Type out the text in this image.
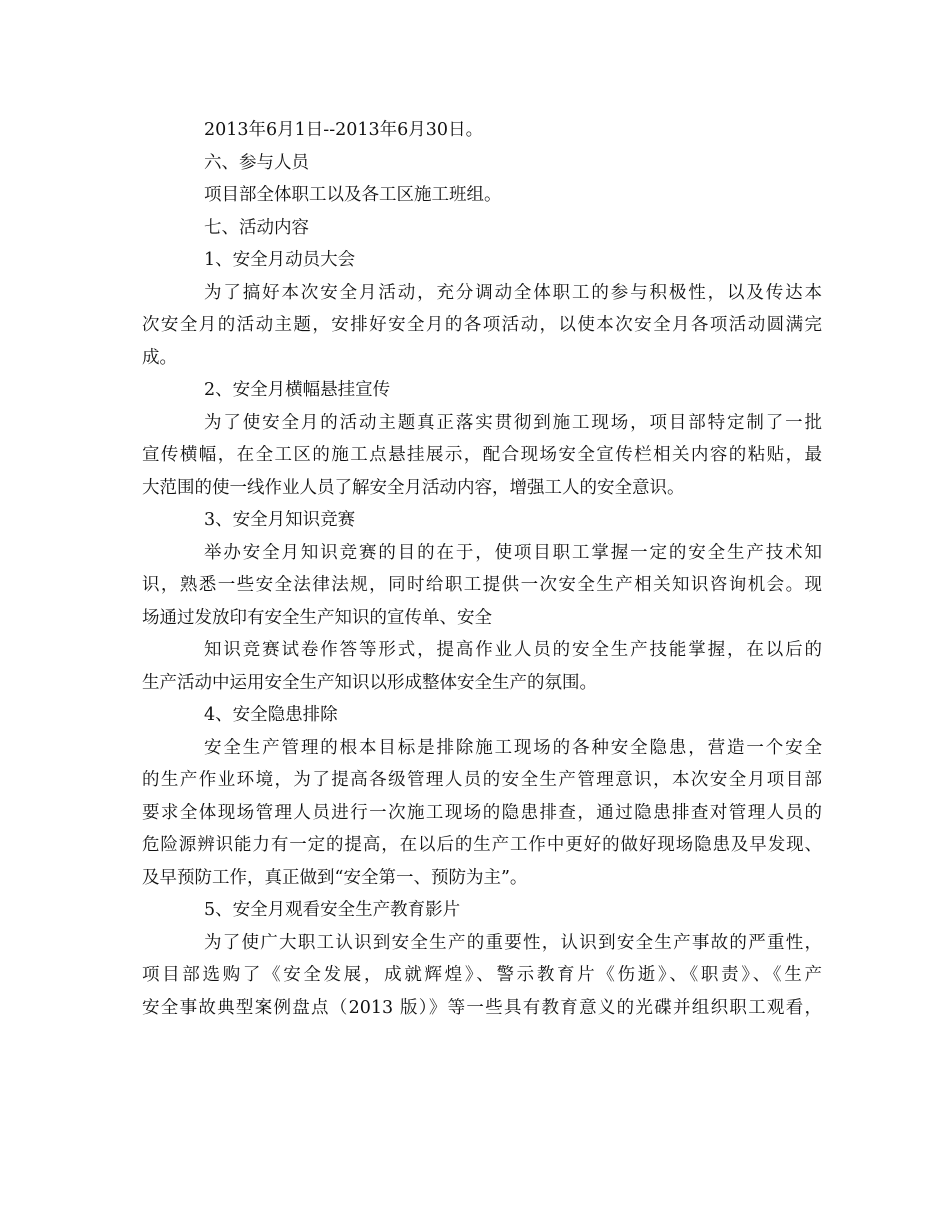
2013年6月1日--2013年6月30日。
六、参与人员
项目部全体职工以及各工区施工班组。
七、活动内容
1、安全月动员大会
为了搞好本次安全月活动，充分调动全体职工的参与积极性，以及传达本
次安全月的活动主题，安排好安全月的各项活动，以使本次安全月各项活动圆满完
成。
2、安全月横幅悬挂宣传
为了使安全月的活动主题真正落实贯彻到施工现场，项目部特定制了一批
宣传横幅，在全工区的施工点悬挂展示，配合现场安全宣传栏相关内容的粘贴，最
大范围的使一线作业人员了解安全月活动内容，增强工人的安全意识。
3、安全月知识竞赛
举办安全月知识竞赛的目的在于，使项目职工掌握一定的安全生产技术知
识，熟悉一些安全法律法规，同时给职工提供一次安全生产相关知识咨询机会。现
场通过发放印有安全生产知识的宣传单、安全
知识竞赛试卷作答等形式，提高作业人员的安全生产技能掌握，在以后的
生产活动中运用安全生产知识以形成整体安全生产的氛围。
4、安全隐患排除
安全生产管理的根本目标是排除施工现场的各种安全隐患，营造一个安全
的生产作业环境，为了提高各级管理人员的安全生产管理意识，本次安全月项目部
要求全体现场管理人员进行一次施工现场的隐患排查，通过隐患排查对管理人员的
危险源辨识能力有一定的提高，在以后的生产工作中更好的做好现场隐患及早发现、
及早预防工作，真正做到“安全第一、预防为主”。
5、安全月观看安全生产教育影片
为了使广大职工认识到安全生产的重要性，认识到安全生产事故的严重性，
项目部选购了《安全发展，成就辉煌》、警示教育片《伤逝》、《职责》、《生产
安全事故典型案例盘点（2013 版）》等一些具有教育意义的光碟并组织职工观看，
